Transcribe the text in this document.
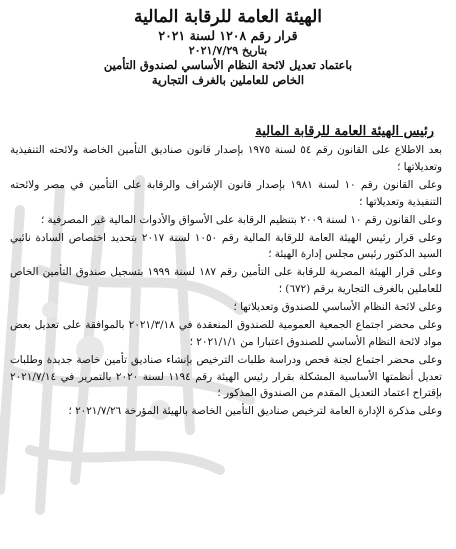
الهيئة العامة للرقابة المالية

قرار رقم ١٢٠٨ لسنة ٢٠٢١

بتاريخ ٢٠٢١/٧/٢٩

باعتماد تعديل لائحة النظام الأساسي لصندوق التأمين

الخاص للعاملين بالغرف التجارية

رئيس الهيئة العامة للرقابة المالية

بعد الاطلاع على القانون رقم ٥٤ لسنة ١٩٧٥ بإصدار قانون صناديق التأمين الخاصة ولائحته التنفيذية وتعديلاتها ؛

وعلى القانون رقم ١٠ لسنة ١٩٨١ بإصدار قانون الإشراف والرقابة على التأمين في مصر ولائحته التنفيذية وتعديلاتها ؛

وعلى القانون رقم ١٠ لسنة ٢٠٠٩ بتنظيم الرقابة على الأسواق والأدوات المالية غير المصرفية ؛

وعلى قرار رئيس الهيئة العامة للرقابة المالية رقم ١٠٥٠ لسنة ٢٠١٧ بتحديد اختصاص السادة نائبي السيد الدكتور رئيس مجلس إدارة الهيئة ؛

وعلى قرار الهيئة المصرية للرقابة على التأمين رقم ١٨٧ لسنة ١٩٩٩ بتسجيل صندوق التأمين الخاص للعاملين بالغرف التجارية برقم (٦٧٢) ؛

وعلى لائحة النظام الأساسي للصندوق وتعديلاتها ؛

وعلى محضر اجتماع الجمعية العمومية للصندوق المنعقدة في ٢٠٢١/٣/١٨ بالموافقة على تعديل بعض مواد لائحة النظام الأساسي للصندوق اعتبارا من ٢٠٢١/١/١ ؛

وعلى محضر اجتماع لجنة فحص ودراسة طلبات الترخيص بإنشاء صناديق تأمين خاصة جديدة وطلبات تعديل أنظمتها الأساسية المشكلة بقرار رئيس الهيئة رقم ١١٩٤ لسنة ٢٠٢٠ بالتمرير في ٢٠٢١/٧/١٤ بإقتراح اعتماد التعديل المقدم من الصندوق المذكور ؛

وعلى مذكرة الإدارة العامة لترخيص صناديق التأمين الخاصة بالهيئة المؤرخة ٢٠٢١/٧/٢٦ ؛
